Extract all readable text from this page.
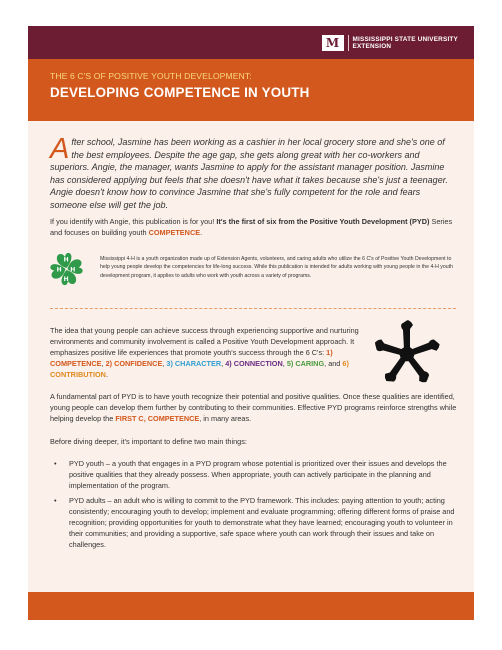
M	MISSISSIPPI STATE UNIVERSITY
EXTENSION
THE 6 C'S OF POSITIVE YOUTH DEVELOPMENT:
DEVELOPING COMPETENCE IN YOUTH
After school, Jasmine has been working as a cashier in her local grocery store and she's one of the best employees. Despite the age gap, she gets along great with her co-workers and superiors. Angie, the manager, wants Jasmine to apply for the assistant manager position. Jasmine has considered applying but feels that she doesn't have what it takes because she's just a teenager. Angie doesn't know how to convince Jasmine that she's fully competent for the role and fears someone else will get the job.
If you identify with Angie, this publication is for you! It's the first of six from the Positive Youth Development (PYD) Series and focuses on building youth COMPETENCE.
H
H
H
H
Mississippi 4-H is a youth organization made up of Extension Agents, volunteers, and caring adults who utilize the 6 C's of Positive Youth Development to help young people develop the competencies for life-long success. While this publication is intended for adults working with young people in the 4-H youth development program, it applies to adults who work with youth across a variety of programs.
The idea that young people can achieve success through experiencing supportive and nurturing environments and community involvement is called a Positive Youth Development approach. It emphasizes positive life experiences that promote youth's success through the 6 C's: 1) COMPETENCE, 2) CONFIDENCE, 3) CHARACTER, 4) CONNECTION, 5) CARING, and 6) CONTRIBUTION.
A fundamental part of PYD is to have youth recognize their potential and positive qualities. Once these qualities are identified, young people can develop them further by contributing to their communities. Effective PYD programs reinforce strengths while helping develop the FIRST C, COMPETENCE, in many areas.
Before diving deeper, it's important to define two main things:
• PYD youth – a youth that engages in a PYD program whose potential is prioritized over their issues and develops the positive qualities that they already possess. When appropriate, youth can actively participate in the planning and implementation of the program.
• PYD adults – an adult who is willing to commit to the PYD framework. This includes: paying attention to youth; acting consistently; encouraging youth to develop; implement and evaluate programming; offering different forms of praise and recognition; providing opportunities for youth to demonstrate what they have learned; encouraging youth to volunteer in their communities; and providing a supportive, safe space where youth can work through their issues and take on challenges.
